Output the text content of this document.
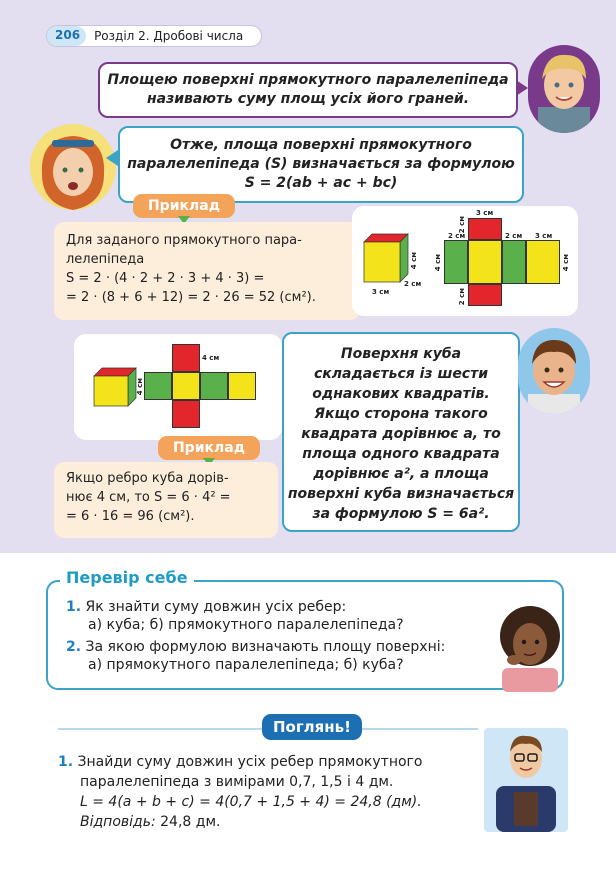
206	Розділ 2. Дробові числа
Площею поверхні прямокутного паралелепіпеда
називають суму площ усіх його граней.
Отже, площа поверхні прямокутного
паралелепіпеда (S) визначається за формулою
S = 2(ab + ac + bc)
Приклад
Для заданого прямокутного пара-
лелепіпеда
S = 2 · (4 · 2 + 2 · 3 + 4 · 3) =
= 2 · (8 + 6 + 12) = 2 · 26 = 52 (см²).
4 см
3 см
2 см
3 см
2 см
2 см
2 см 3 см
4 см	4 см
2 см
4 см
4 см	Поверхня куба
складається із шести
однакових квадратів.
Якщо сторона такого
квадрата дорівнює a, то
площа одного квадрата
дорівнює a², а площа
поверхні куба визначається
за формулою S = 6a².
Приклад
Якщо ребро куба дорів-
нює 4 см, то S = 6 · 4² =
= 6 · 16 = 96 (см²).
Перевір себе
1. Як знайти суму довжин усіх ребер:
а) куба; б) прямокутного паралелепіпеда?
2. За якою формулою визначають площу поверхні:
а) прямокутного паралелепіпеда; б) куба?
Поглянь!
1. Знайди суму довжин усіх ребер прямокутного
паралелепіпеда з вимірами 0,7, 1,5 і 4 дм.
L = 4(a + b + c) = 4(0,7 + 1,5 + 4) = 24,8 (дм).
Відповідь: 24,8 дм.
